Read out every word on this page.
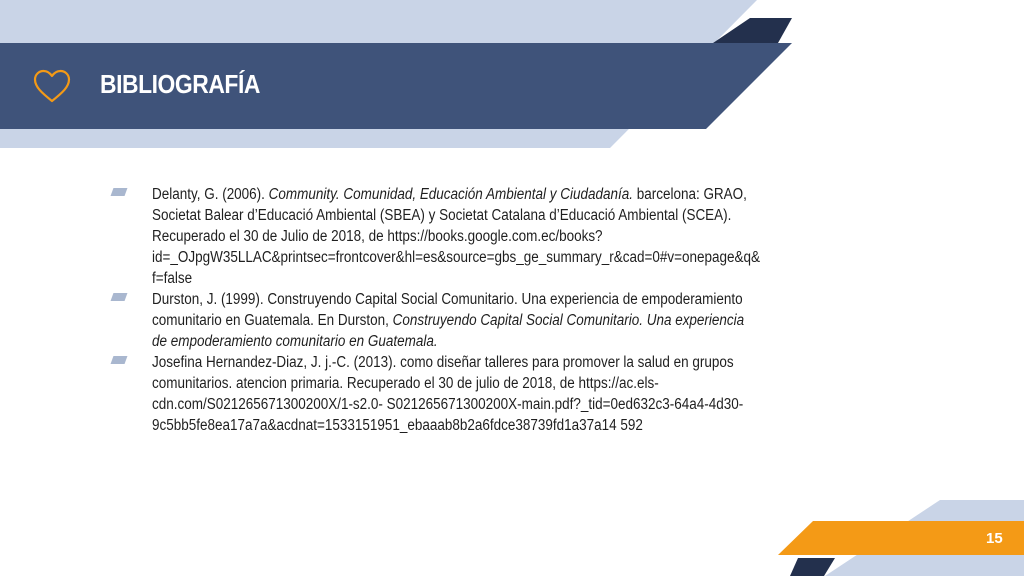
BIBLIOGRAFÍA
Delanty, G. (2006). Community. Comunidad, Educación Ambiental y Ciudadanía. barcelona: GRAO, Societat Balear d’Educació Ambiental (SBEA) y Societat Catalana d’Educació Ambiental (SCEA). Recuperado el 30 de Julio de 2018, de https://books.google.com.ec/books?id=_OJpgW35LLAC&printsec=frontcover&hl=es&source=gbs_ge_summary_r&cad=0#v=onepage&q&f=false
Durston, J. (1999). Construyendo Capital Social Comunitario. Una experiencia de empoderamiento comunitario en Guatemala. En Durston, Construyendo Capital Social Comunitario. Una experiencia de empoderamiento comunitario en Guatemala.
Josefina Hernandez-Diaz, J. j.-C. (2013). como diseñar talleres para promover la salud en grupos comunitarios. atencion primaria. Recuperado el 30 de julio de 2018, de https://ac.els-cdn.com/S021265671300200X/1-s2.0- S021265671300200X-main.pdf?_tid=0ed632c3-64a4-4d30-9c5bb5fe8ea17a7a&acdnat=1533151951_ebaaab8b2a6fdce38739fd1a37a14 592
15
